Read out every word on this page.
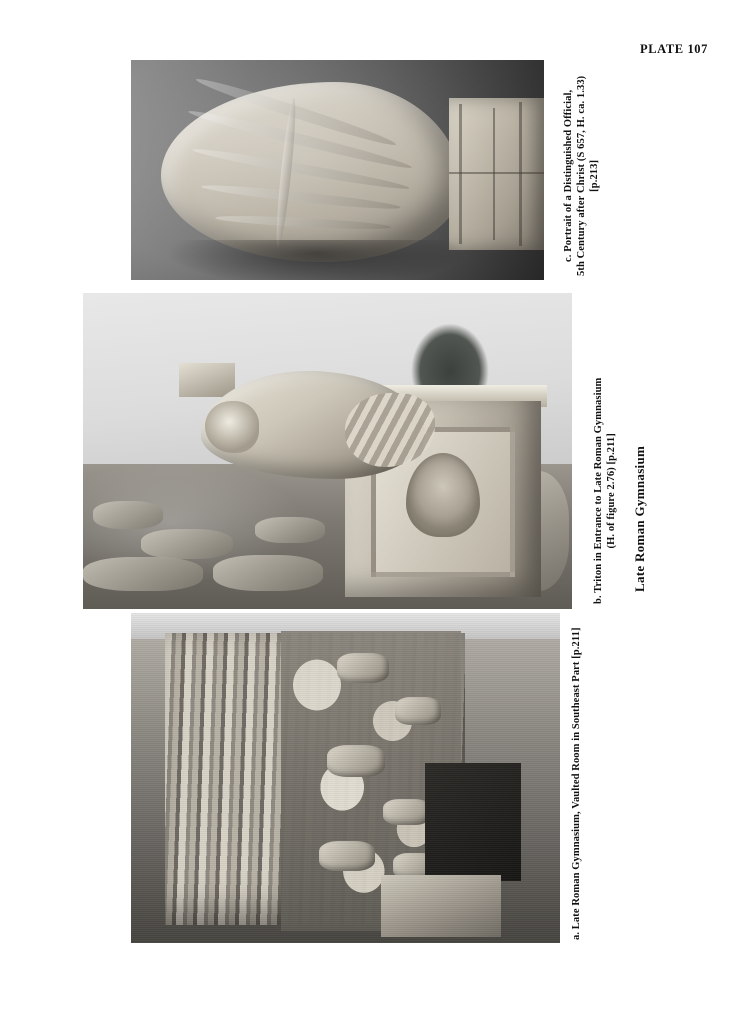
PLATE 107
c. Portrait of a Distinguished Official, 5th Century after Christ (S 657, H. ca. 1.33) [p.213]
b. Triton in Entrance to Late Roman Gymnasium (H. of figure 2.76) [p.211] Late Roman Gymnasium
a. Late Roman Gymnasium, Vaulted Room in Southeast Part [p.211]
